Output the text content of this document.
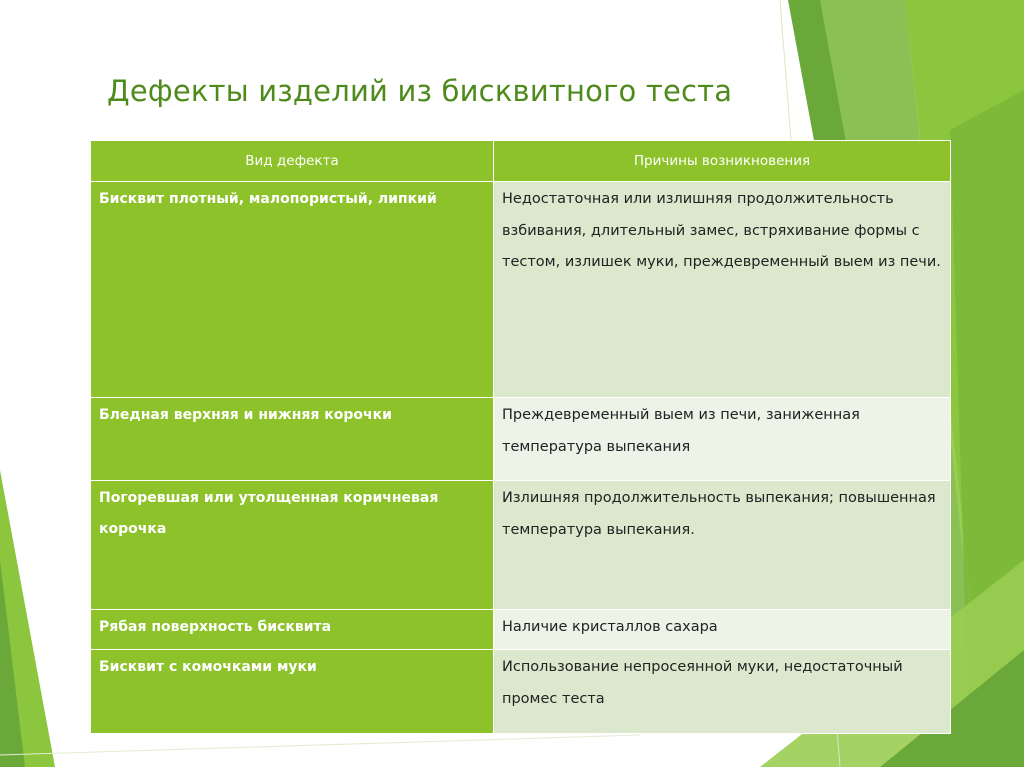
Дефекты изделий из бисквитного теста
Вид дефекта	Причины возникновения

Бисквит плотный, малопористый, липкий	Недостаточная или излишняя продолжительность взбивания, длительный замес, встряхивание формы с тестом, излишек муки, преждевременный выем из печи.

Бледная верхняя и нижняя корочки	Преждевременный выем из печи, заниженная температура выпекания

Погоревшая или утолщенная коричневая корочка	Излишняя продолжительность выпекания; повышенная температура выпекания.

Рябая поверхность бисквита	Наличие кристаллов сахара

Бисквит с комочками муки	Использование непросеянной муки, недостаточный промес теста
